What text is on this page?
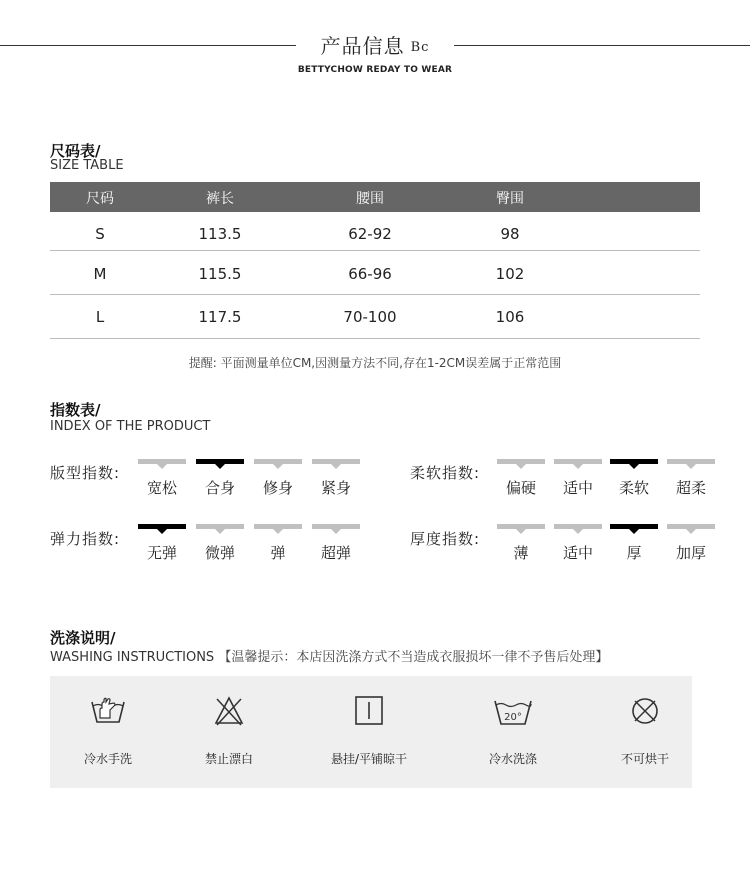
产品信息 Bc
BETTYCHOW REDAY TO WEAR
尺码表/
SIZE TABLE
尺码	裤长	腰围	臀围
S	113.5	62-92	98
M	115.5	66-96	102
L	117.5	70-100	106
提醒: 平面测量单位CM,因测量方法不同,存在1-2CM误差属于正常范围
指数表/
INDEX OF THE PRODUCT
版型指数:
宽松	合身	修身	紧身
柔软指数:
偏硬	适中	柔软	超柔
弹力指数:
无弹	微弹	弹	超弹
厚度指数:
薄	适中	厚	加厚
洗涤说明/
WASHING INSTRUCTIONS 【温馨提示：本店因洗涤方式不当造成衣服损坏一律不予售后处理】
冷水手洗	禁止漂白	悬挂/平铺晾干
20°
冷水洗涤	不可烘干
